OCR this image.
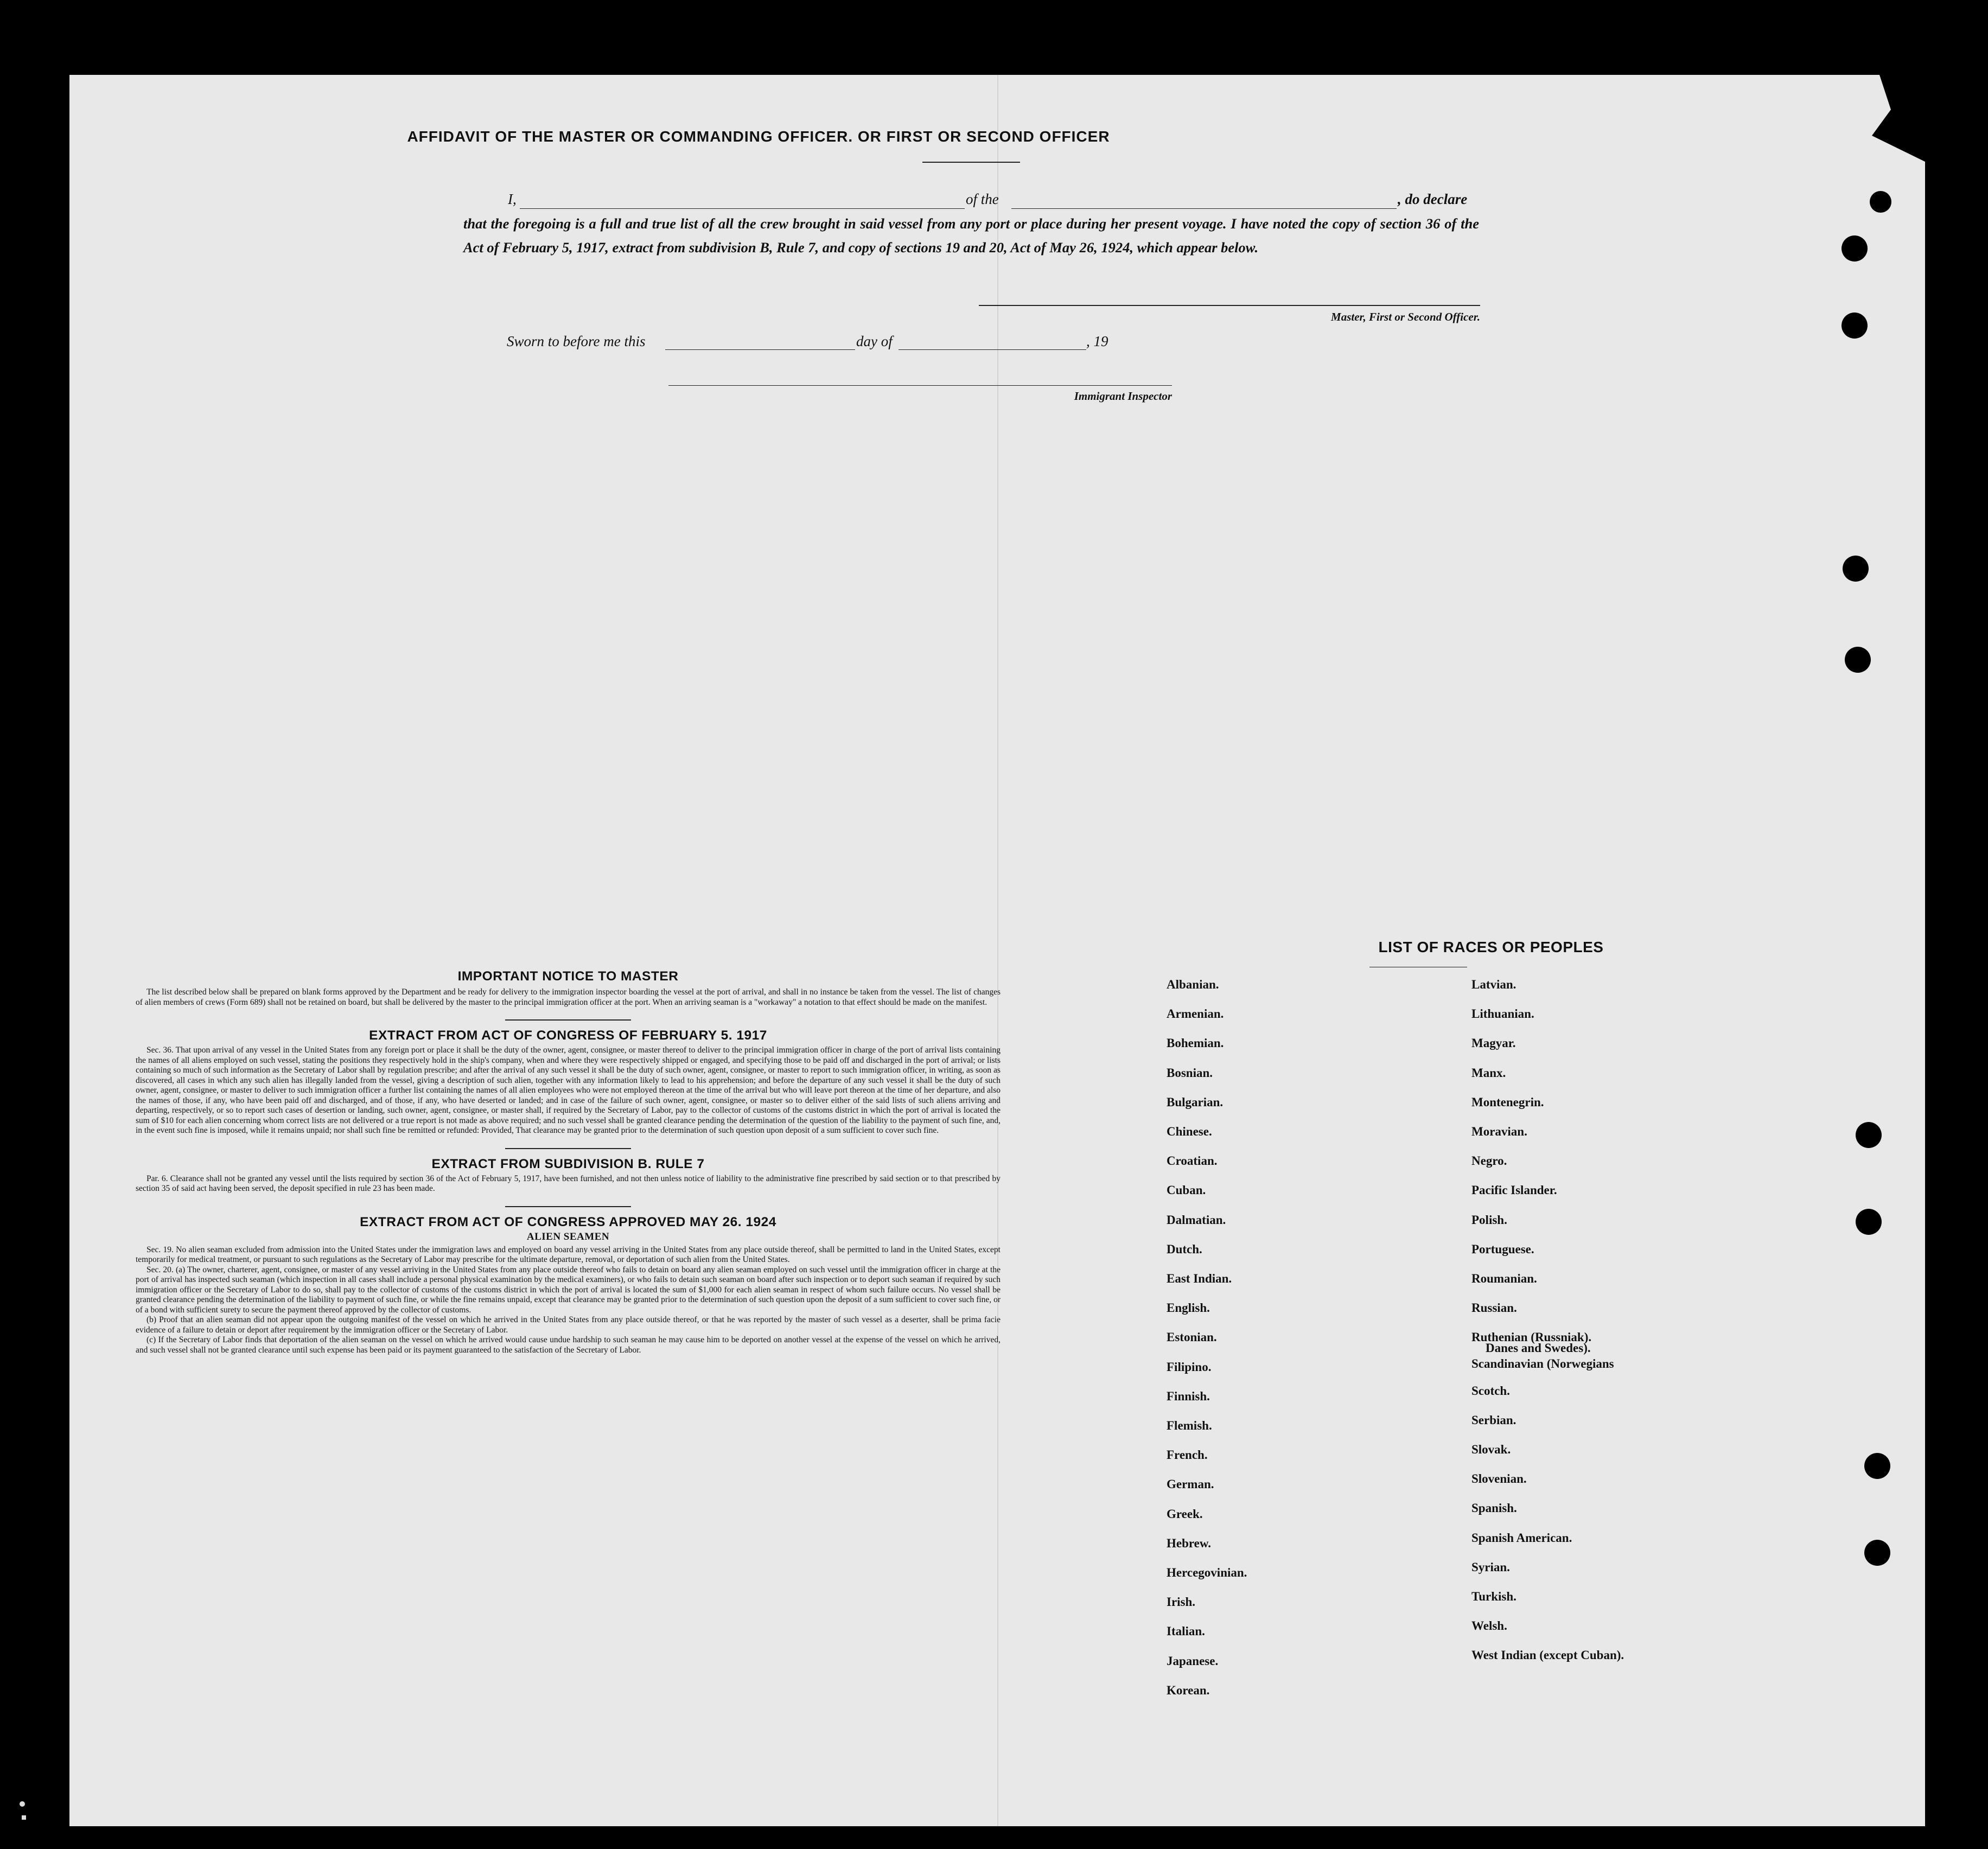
AFFIDAVIT OF THE MASTER OR COMMANDING OFFICER. OR FIRST OR SECOND OFFICER
I,	of the	, do declare
that the foregoing is a full and true list of all the crew brought in said vessel from any port or place during her present voyage. I have noted the copy of section 36 of the Act of February 5, 1917, extract from subdivision B, Rule 7, and copy of sections 19 and 20, Act of May 26, 1924, which appear below.
Master, First or Second Officer.
Sworn to before me this	day of	, 19
Immigrant Inspector

IMPORTANT NOTICE TO MASTER

The list described below shall be prepared on blank forms approved by the Department and be ready for delivery to the immigration inspector boarding the vessel at the port of arrival, and shall in no instance be taken from the vessel. The list of changes of alien members of crews (Form 689) shall not be retained on board, but shall be delivered by the master to the principal immigration officer at the port. When an arriving seaman is a "workaway" a notation to that effect should be made on the manifest.

EXTRACT FROM ACT OF CONGRESS OF FEBRUARY 5. 1917

Sec. 36. That upon arrival of any vessel in the United States from any foreign port or place it shall be the duty of the owner, agent, consignee, or master thereof to deliver to the principal immigration officer in charge of the port of arrival lists containing the names of all aliens employed on such vessel, stating the positions they respectively hold in the ship's company, when and where they were respectively shipped or engaged, and specifying those to be paid off and discharged in the port of arrival; or lists containing so much of such information as the Secretary of Labor shall by regulation prescribe; and after the arrival of any such vessel it shall be the duty of such owner, agent, consignee, or master to report to such immigration officer, in writing, as soon as discovered, all cases in which any such alien has illegally landed from the vessel, giving a description of such alien, together with any information likely to lead to his apprehension; and before the departure of any such vessel it shall be the duty of such owner, agent, consignee, or master to deliver to such immigration officer a further list containing the names of all alien employees who were not employed thereon at the time of the arrival but who will leave port thereon at the time of her departure, and also the names of those, if any, who have been paid off and discharged, and of those, if any, who have deserted or landed; and in case of the failure of such owner, agent, consignee, or master so to deliver either of the said lists of such aliens arriving and departing, respectively, or so to report such cases of desertion or landing, such owner, agent, consignee, or master shall, if required by the Secretary of Labor, pay to the collector of customs of the customs district in which the port of arrival is located the sum of $10 for each alien concerning whom correct lists are not delivered or a true report is not made as above required; and no such vessel shall be granted clearance pending the determination of the question of the liability to the payment of such fine, and, in the event such fine is imposed, while it remains unpaid; nor shall such fine be remitted or refunded: Provided, That clearance may be granted prior to the determination of such question upon deposit of a sum sufficient to cover such fine.

EXTRACT FROM SUBDIVISION B. RULE 7

Par. 6. Clearance shall not be granted any vessel until the lists required by section 36 of the Act of February 5, 1917, have been furnished, and not then unless notice of liability to the administrative fine prescribed by said section or to that prescribed by section 35 of said act having been served, the deposit specified in rule 23 has been made.

EXTRACT FROM ACT OF CONGRESS APPROVED MAY 26. 1924

ALIEN SEAMEN

Sec. 19. No alien seaman excluded from admission into the United States under the immigration laws and employed on board any vessel arriving in the United States from any place outside thereof, shall be permitted to land in the United States, except temporarily for medical treatment, or pursuant to such regulations as the Secretary of Labor may prescribe for the ultimate departure, removal, or deportation of such alien from the United States.

Sec. 20. (a) The owner, charterer, agent, consignee, or master of any vessel arriving in the United States from any place outside thereof who fails to detain on board any alien seaman employed on such vessel until the immigration officer in charge at the port of arrival has inspected such seaman (which inspection in all cases shall include a personal physical examination by the medical examiners), or who fails to detain such seaman on board after such inspection or to deport such seaman if required by such immigration officer or the Secretary of Labor to do so, shall pay to the collector of customs of the customs district in which the port of arrival is located the sum of $1,000 for each alien seaman in respect of whom such failure occurs. No vessel shall be granted clearance pending the determination of the liability to payment of such fine, or while the fine remains unpaid, except that clearance may be granted prior to the determination of such question upon the deposit of a sum sufficient to cover such fine, or of a bond with sufficient surety to secure the payment thereof approved by the collector of customs.

(b) Proof that an alien seaman did not appear upon the outgoing manifest of the vessel on which he arrived in the United States from any place outside thereof, or that he was reported by the master of such vessel as a deserter, shall be prima facie evidence of a failure to detain or deport after requirement by the immigration officer or the Secretary of Labor.

(c) If the Secretary of Labor finds that deportation of the alien seaman on the vessel on which he arrived would cause undue hardship to such seaman he may cause him to be deported on another vessel at the expense of the vessel on which he arrived, and such vessel shall not be granted clearance until such expense has been paid or its payment guaranteed to the satisfaction of the Secretary of Labor.

LIST OF RACES OR PEOPLES
Albanian.
Armenian.
Bohemian.
Bosnian.
Bulgarian.
Chinese.
Croatian.
Cuban.
Dalmatian.
Dutch.
East Indian.
English.
Estonian.
Filipino.
Finnish.
Flemish.
French.
German.
Greek.
Hebrew.
Hercegovinian.
Irish.
Italian.
Japanese.
Korean.
Latvian.
Lithuanian.
Magyar.
Manx.
Montenegrin.
Moravian.
Negro.
Pacific Islander.
Polish.
Portuguese.
Roumanian.
Russian.
Ruthenian (Russniak).
Scandinavian (Norwegians
Danes and Swedes).
Scotch.
Serbian.
Slovak.
Slovenian.
Spanish.
Spanish American.
Syrian.
Turkish.
Welsh.
West Indian (except Cuban).
